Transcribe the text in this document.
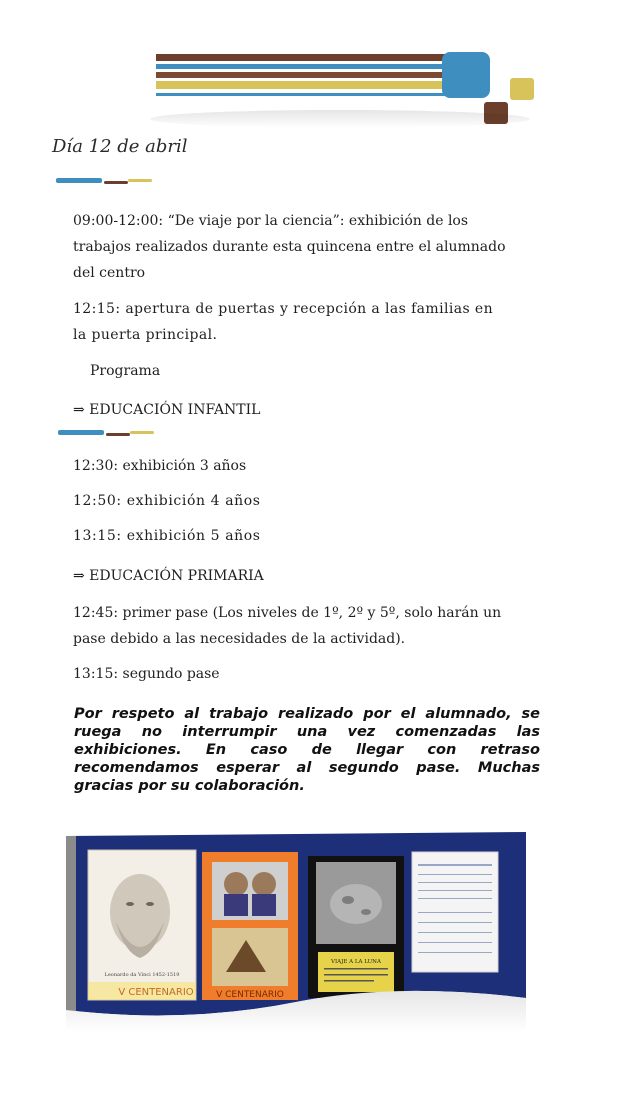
Día 12 de abril
09:00-12:00: “De viaje por la ciencia”: exhibición de los
trabajos realizados durante esta quincena entre el alumnado
del centro
12:15: apertura de puertas y recepción a las familias en
la puerta principal.
Programa
⇒ EDUCACIÓN INFANTIL
12:30: exhibición 3 años
12:50: exhibición 4 años
13:15: exhibición 5 años
⇒ EDUCACIÓN PRIMARIA
12:45: primer pase (Los niveles de 1º, 2º y 5º, solo harán un
pase debido a las necesidades de la actividad).
13:15: segundo pase
Por respeto al trabajo realizado por el alumnado, se ruega no interrumpir una vez comenzadas las exhibiciones. En caso de llegar con retraso recomendamos esperar al segundo pase. Muchas gracias por su colaboración.
Leonardo da Vinci 1452-1519
V CENTENARIO V CENTENARIO
VIAJE A LA LUNA
